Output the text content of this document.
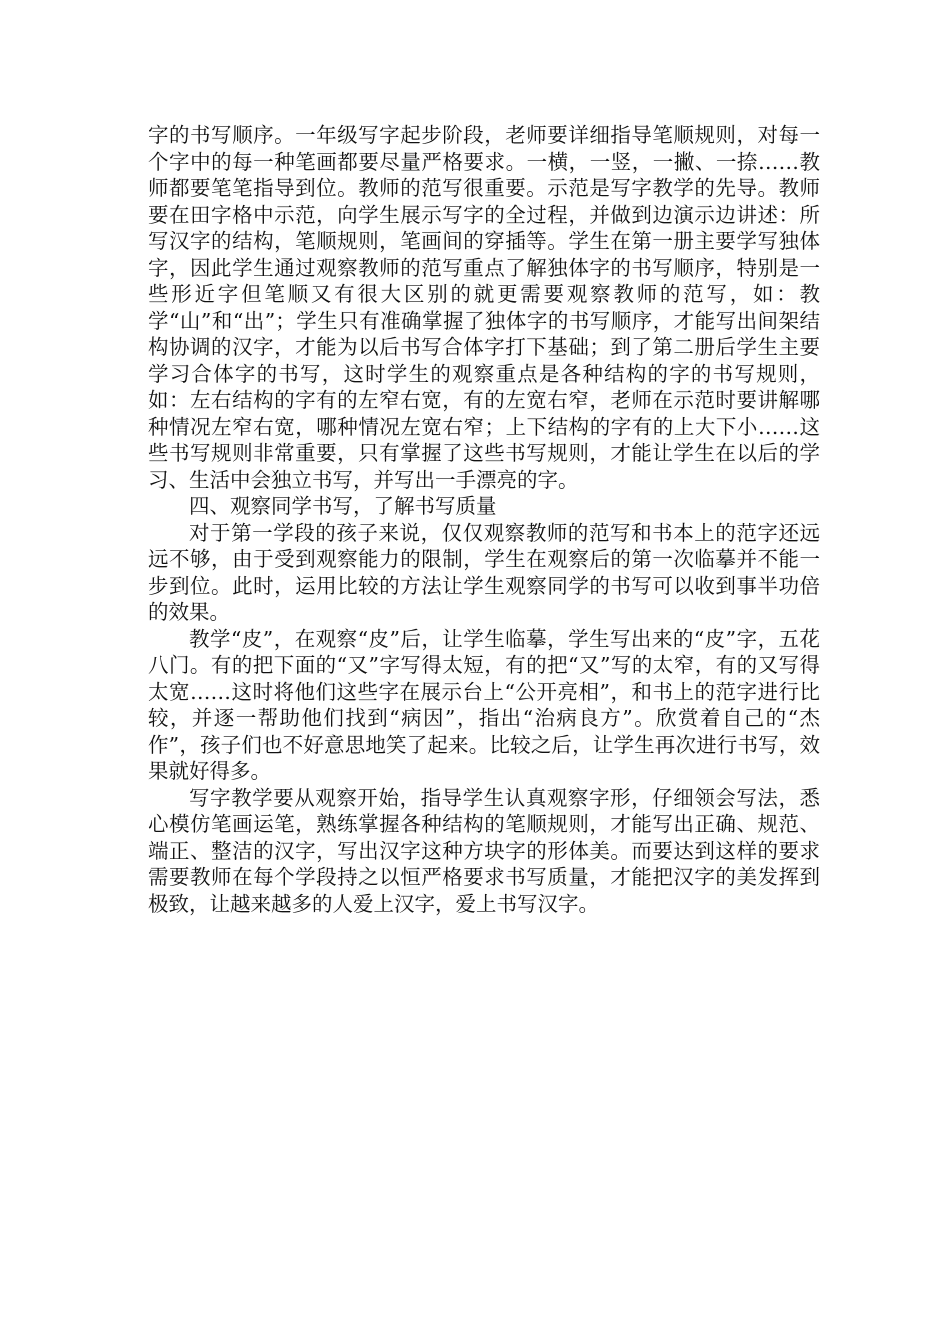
字的书写顺序。一年级写字起步阶段，老师要详细指导笔顺规则，对每一个字中的每一种笔画都要尽量严格要求。一横，一竖，一撇、一捺……教师都要笔笔指导到位。教师的范写很重要。示范是写字教学的先导。教师要在田字格中示范，向学生展示写字的全过程，并做到边演示边讲述：所写汉字的结构，笔顺规则，笔画间的穿插等。学生在第一册主要学写独体字，因此学生通过观察教师的范写重点了解独体字的书写顺序，特别是一些形近字但笔顺又有很大区别的就更需要观察教师的范写，如：教学“山”和“出”；学生只有准确掌握了独体字的书写顺序，才能写出间架结构协调的汉字，才能为以后书写合体字打下基础；到了第二册后学生主要学习合体字的书写，这时学生的观察重点是各种结构的字的书写规则，如：左右结构的字有的左窄右宽，有的左宽右窄，老师在示范时要讲解哪种情况左窄右宽，哪种情况左宽右窄；上下结构的字有的上大下小……这些书写规则非常重要，只有掌握了这些书写规则，才能让学生在以后的学习、生活中会独立书写，并写出一手漂亮的字。

四、观察同学书写，了解书写质量

对于第一学段的孩子来说，仅仅观察教师的范写和书本上的范字还远远不够，由于受到观察能力的限制，学生在观察后的第一次临摹并不能一步到位。此时，运用比较的方法让学生观察同学的书写可以收到事半功倍的效果。

教学“皮”，在观察“皮”后，让学生临摹，学生写出来的“皮”字，五花八门。有的把下面的“又”字写得太短，有的把“又”写的太窄，有的又写得太宽……这时将他们这些字在展示台上“公开亮相”，和书上的范字进行比较，并逐一帮助他们找到“病因”，指出“治病良方”。欣赏着自己的“杰作”，孩子们也不好意思地笑了起来。比较之后，让学生再次进行书写，效果就好得多。

写字教学要从观察开始，指导学生认真观察字形，仔细领会写法，悉心模仿笔画运笔，熟练掌握各种结构的笔顺规则，才能写出正确、规范、端正、整洁的汉字，写出汉字这种方块字的形体美。而要达到这样的要求需要教师在每个学段持之以恒严格要求书写质量，才能把汉字的美发挥到极致，让越来越多的人爱上汉字，爱上书写汉字。
